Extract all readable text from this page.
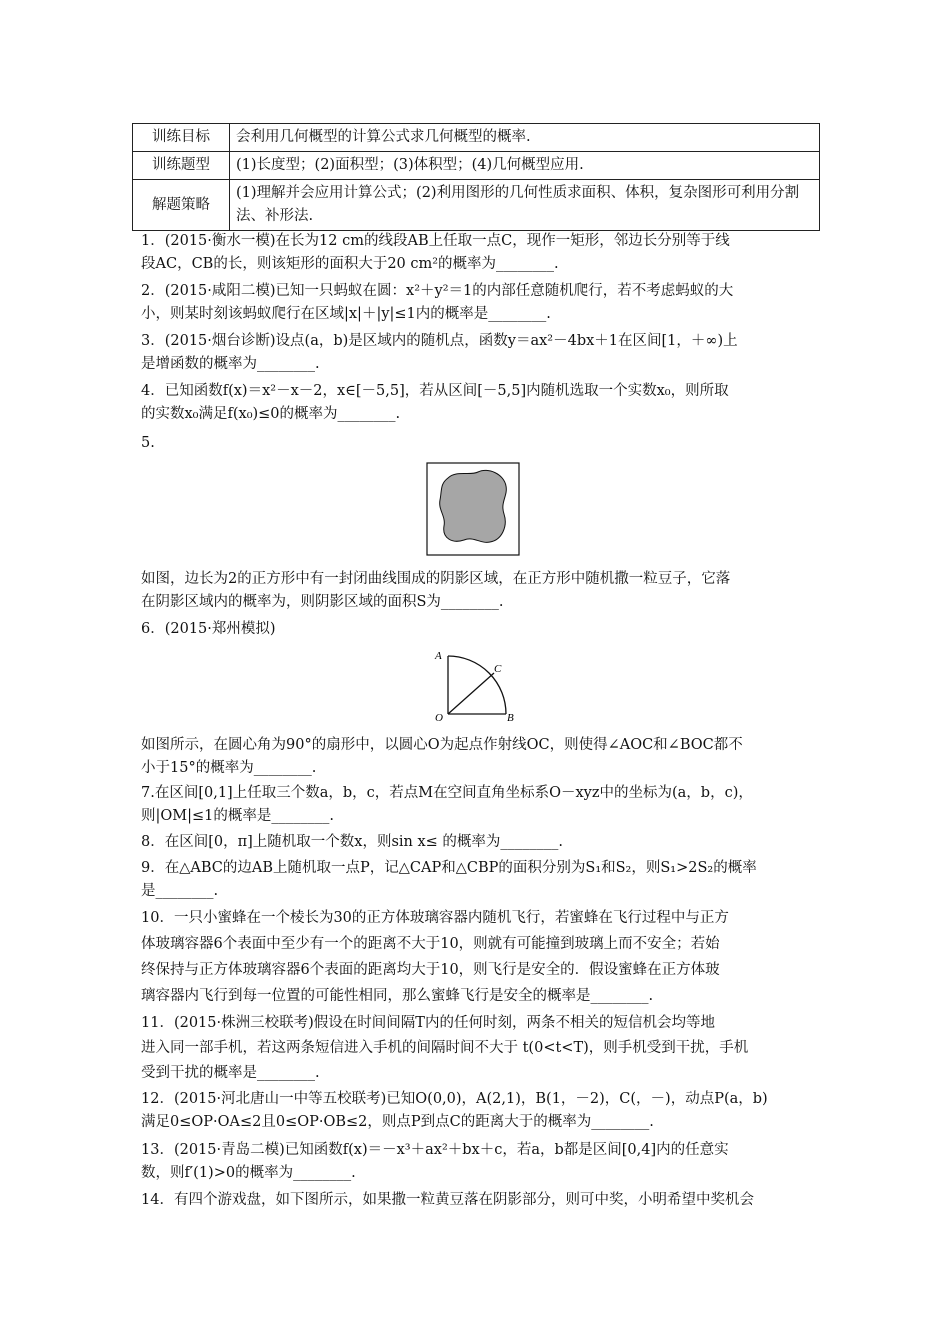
训练目标	会利用几何概型的计算公式求几何概型的概率.
训练题型	(1)长度型；(2)面积型；(3)体积型；(4)几何概型应用.
解题策略	(1)理解并会应用计算公式；(2)利用图形的几何性质求面积、体积，复杂图形可利用分割法、补形法.

1．(2015·衡水一模)在长为12 cm的线段AB上任取一点C，现作一矩形，邻边长分别等于线

段AC，CB的长，则该矩形的面积大于20 cm²的概率为________.

2．(2015·咸阳二模)已知一只蚂蚁在圆：x²＋y²＝1的内部任意随机爬行，若不考虑蚂蚁的大

小，则某时刻该蚂蚁爬行在区域|x|＋|y|≤1内的概率是________.

3．(2015·烟台诊断)设点(a，b)是区域内的随机点，函数y＝ax²－4bx＋1在区间[1，＋∞)上

是增函数的概率为________.

4．已知函数f(x)＝x²－x－2，x∈[－5,5]，若从区间[－5,5]内随机选取一个实数x₀，则所取

的实数x₀满足f(x₀)≤0的概率为________.

5.

如图，边长为2的正方形中有一封闭曲线围成的阴影区域，在正方形中随机撒一粒豆子，它落

在阴影区域内的概率为，则阴影区域的面积S为________.

6．(2015·郑州模拟)

A
C
O	B

如图所示，在圆心角为90°的扇形中，以圆心O为起点作射线OC，则使得∠AOC和∠BOC都不

小于15°的概率为________.

7.在区间[0,1]上任取三个数a，b，c，若点M在空间直角坐标系O－xyz中的坐标为(a，b，c)，

则|OM|≤1的概率是________.

8．在区间[0，π]上随机取一个数x，则sin x≤ 的概率为________.

9．在△ABC的边AB上随机取一点P，记△CAP和△CBP的面积分别为S₁和S₂，则S₁>2S₂的概率

是________.

10．一只小蜜蜂在一个棱长为30的正方体玻璃容器内随机飞行，若蜜蜂在飞行过程中与正方

体玻璃容器6个表面中至少有一个的距离不大于10，则就有可能撞到玻璃上而不安全；若始

终保持与正方体玻璃容器6个表面的距离均大于10，则飞行是安全的．假设蜜蜂在正方体玻

璃容器内飞行到每一位置的可能性相同，那么蜜蜂飞行是安全的概率是________.

11．(2015·株洲三校联考)假设在时间间隔T内的任何时刻，两条不相关的短信机会均等地

进入同一部手机，若这两条短信进入手机的间隔时间不大于 t(0<t<T)，则手机受到干扰，手机

受到干扰的概率是________.

12．(2015·河北唐山一中等五校联考)已知O(0,0)，A(2,1)，B(1，－2)，C(，－)，动点P(a，b)

满足0≤OP·OA≤2且0≤OP·OB≤2，则点P到点C的距离大于的概率为________.

13．(2015·青岛二模)已知函数f(x)＝－x³＋ax²＋bx＋c，若a，b都是区间[0,4]内的任意实

数，则f′(1)>0的概率为________.

14．有四个游戏盘，如下图所示，如果撒一粒黄豆落在阴影部分，则可中奖，小明希望中奖机会
